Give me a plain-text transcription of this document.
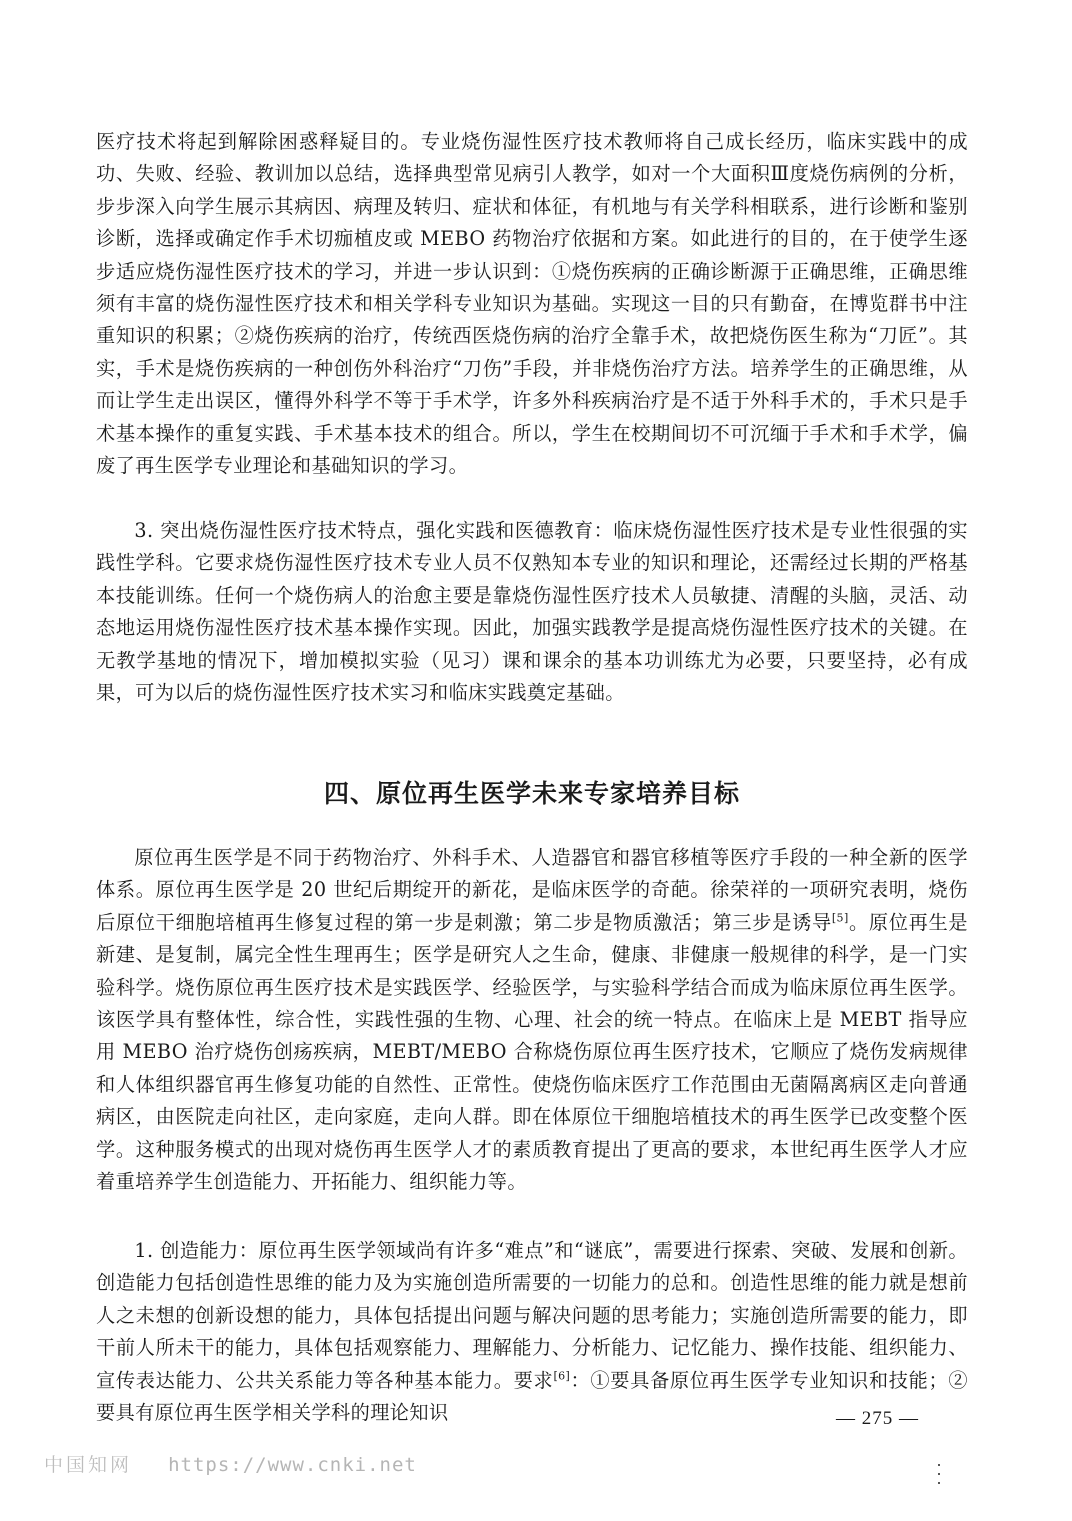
医疗技术将起到解除困惑释疑目的。专业烧伤湿性医疗技术教师将自己成长经历，临床实践中的成功、失败、经验、教训加以总结，选择典型常见病引人教学，如对一个大面积Ⅲ度烧伤病例的分析，步步深入向学生展示其病因、病理及转归、症状和体征，有机地与有关学科相联系，进行诊断和鉴别诊断，选择或确定作手术切痂植皮或 MEBO 药物治疗依据和方案。如此进行的目的，在于使学生逐步适应烧伤湿性医疗技术的学习，并进一步认识到：①烧伤疾病的正确诊断源于正确思维，正确思维须有丰富的烧伤湿性医疗技术和相关学科专业知识为基础。实现这一目的只有勤奋，在博览群书中注重知识的积累；②烧伤疾病的治疗，传统西医烧伤病的治疗全靠手术，故把烧伤医生称为“刀匠”。其实，手术是烧伤疾病的一种创伤外科治疗“刀伤”手段，并非烧伤治疗方法。培养学生的正确思维，从而让学生走出误区，懂得外科学不等于手术学，许多外科疾病治疗是不适于外科手术的，手术只是手术基本操作的重复实践、手术基本技术的组合。所以，学生在校期间切不可沉缅于手术和手术学，偏废了再生医学专业理论和基础知识的学习。

3. 突出烧伤湿性医疗技术特点，强化实践和医德教育：临床烧伤湿性医疗技术是专业性很强的实践性学科。它要求烧伤湿性医疗技术专业人员不仅熟知本专业的知识和理论，还需经过长期的严格基本技能训练。任何一个烧伤病人的治愈主要是靠烧伤湿性医疗技术人员敏捷、清醒的头脑，灵活、动态地运用烧伤湿性医疗技术基本操作实现。因此，加强实践教学是提高烧伤湿性医疗技术的关键。在无教学基地的情况下，增加模拟实验（见习）课和课余的基本功训练尤为必要，只要坚持，必有成果，可为以后的烧伤湿性医疗技术实习和临床实践奠定基础。

四、原位再生医学未来专家培养目标

原位再生医学是不同于药物治疗、外科手术、人造器官和器官移植等医疗手段的一种全新的医学体系。原位再生医学是 20 世纪后期绽开的新花，是临床医学的奇葩。徐荣祥的一项研究表明，烧伤后原位干细胞培植再生修复过程的第一步是刺激；第二步是物质激活；第三步是诱导[5]。原位再生是新建、是复制，属完全性生理再生；医学是研究人之生命，健康、非健康一般规律的科学，是一门实验科学。烧伤原位再生医疗技术是实践医学、经验医学，与实验科学结合而成为临床原位再生医学。该医学具有整体性，综合性，实践性强的生物、心理、社会的统一特点。在临床上是 MEBT 指导应用 MEBO 治疗烧伤创疡疾病，MEBT/MEBO 合称烧伤原位再生医疗技术，它顺应了烧伤发病规律和人体组织器官再生修复功能的自然性、正常性。使烧伤临床医疗工作范围由无菌隔离病区走向普通病区，由医院走向社区，走向家庭，走向人群。即在体原位干细胞培植技术的再生医学已改变整个医学。这种服务模式的出现对烧伤再生医学人才的素质教育提出了更高的要求，本世纪再生医学人才应着重培养学生创造能力、开拓能力、组织能力等。

1. 创造能力：原位再生医学领域尚有许多“难点”和“谜底”，需要进行探索、突破、发展和创新。创造能力包括创造性思维的能力及为实施创造所需要的一切能力的总和。创造性思维的能力就是想前人之未想的创新设想的能力，具体包括提出问题与解决问题的思考能力；实施创造所需要的能力，即干前人所未干的能力，具体包括观察能力、理解能力、分析能力、记忆能力、操作技能、组织能力、宣传表达能力、公共关系能力等各种基本能力。要求[6]：①要具备原位再生医学专业知识和技能；②要具有原位再生医学相关学科的理论知识	— 275 —
中国知网 https://www.cnki.net
